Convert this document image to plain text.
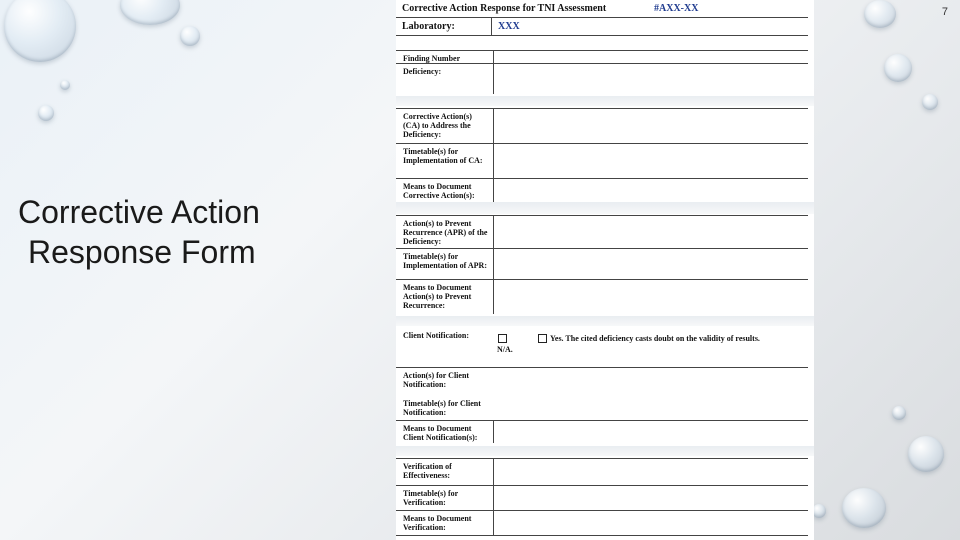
7
Corrective Action
Response Form
Corrective Action Response for TNI Assessment	#AXX-XX
Laboratory:	XXX
Finding Number
Deficiency:
Corrective Action(s) (CA) to Address the Deficiency:
Timetable(s) for Implementation of CA:
Means to Document Corrective Action(s):
Action(s) to Prevent Recurrence (APR) of the Deficiency:
Timetable(s) for Implementation of APR:
Means to Document Action(s) to Prevent Recurrence:
Client Notification:
N/A.
Yes. The cited deficiency casts doubt on the validity of results.
Action(s) for Client Notification:
Timetable(s) for Client Notification:
Means to Document Client Notification(s):
Verification of Effectiveness:
Timetable(s) for Verification:
Means to Document Verification:
